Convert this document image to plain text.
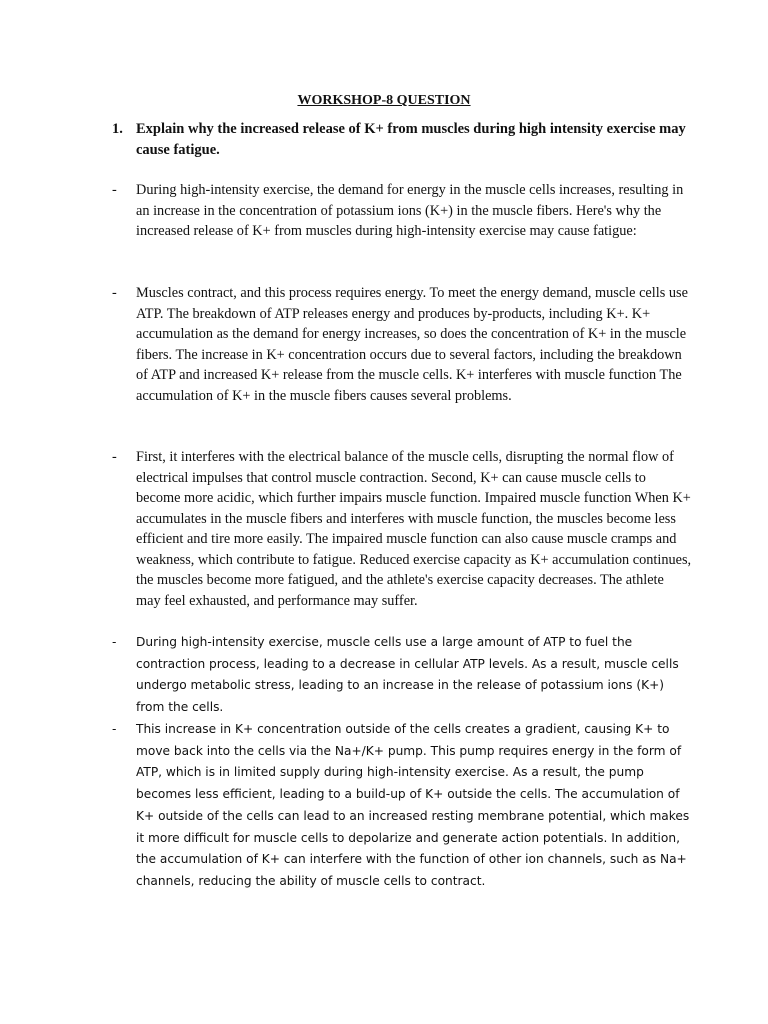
WORKSHOP-8 QUESTION
1. Explain why the increased release of K+ from muscles during high intensity exercise may cause fatigue.
- During high-intensity exercise, the demand for energy in the muscle cells increases, resulting in an increase in the concentration of potassium ions (K+) in the muscle fibers. Here's why the increased release of K+ from muscles during high-intensity exercise may cause fatigue:
- Muscles contract, and this process requires energy. To meet the energy demand, muscle cells use ATP. The breakdown of ATP releases energy and produces by-products, including K+. K+ accumulation as the demand for energy increases, so does the concentration of K+ in the muscle fibers. The increase in K+ concentration occurs due to several factors, including the breakdown of ATP and increased K+ release from the muscle cells. K+ interferes with muscle function The accumulation of K+ in the muscle fibers causes several problems.
- First, it interferes with the electrical balance of the muscle cells, disrupting the normal flow of electrical impulses that control muscle contraction. Second, K+ can cause muscle cells to become more acidic, which further impairs muscle function. Impaired muscle function When K+ accumulates in the muscle fibers and interferes with muscle function, the muscles become less efficient and tire more easily. The impaired muscle function can also cause muscle cramps and weakness, which contribute to fatigue. Reduced exercise capacity as K+ accumulation continues, the muscles become more fatigued, and the athlete's exercise capacity decreases. The athlete may feel exhausted, and performance may suffer.
- During high-intensity exercise, muscle cells use a large amount of ATP to fuel the contraction process, leading to a decrease in cellular ATP levels. As a result, muscle cells undergo metabolic stress, leading to an increase in the release of potassium ions (K+) from the cells.
- This increase in K+ concentration outside of the cells creates a gradient, causing K+ to move back into the cells via the Na+/K+ pump. This pump requires energy in the form of ATP, which is in limited supply during high-intensity exercise. As a result, the pump becomes less efficient, leading to a build-up of K+ outside the cells. The accumulation of K+ outside of the cells can lead to an increased resting membrane potential, which makes it more difficult for muscle cells to depolarize and generate action potentials. In addition, the accumulation of K+ can interfere with the function of other ion channels, such as Na+ channels, reducing the ability of muscle cells to contract.
